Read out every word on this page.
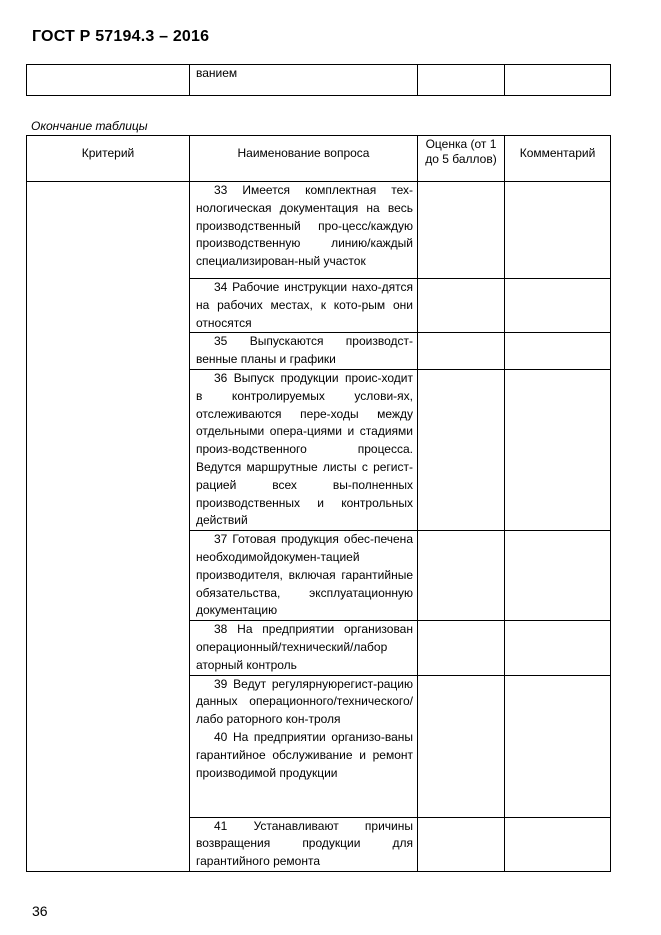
ГОСТ Р 57194.3 – 2016

ванием

Окончание таблицы
Критерий	Наименование вопроса	Оценка (от 1 до 5 баллов)	Комментарий

	33 Имеется комплектная тех-нологическая документация на весь производственный про-цесс/каждую производственную линию/каждый специализирован-ный участок		

	34 Рабочие инструкции нахо-дятся на рабочих местах, к кото-рым они относятся		

	35 Выпускаются производст-венные планы и графики		

	36 Выпуск продукции проис-ходит в контролируемых услови-ях, отслеживаются пере-ходы между отдельными опера-циями и стадиями произ-водственного процесса. Ведутся маршрутные листы с регист-рацией всех вы-полненных производственных и контрольных действий		

	37 Готовая продукция обес-печена необходимойдокумен-тацией производителя, включая гарантийные обязательства, эксплуатационную документацию		

	38 На предприятии организован операционный/технический/лабор аторный контроль		

	39 Ведут регулярнуюрегист-рацию данных операционного/технического/лабо раторного кон-троля
40 На предприятии организо-ваны гарантийное обслуживание и ремонт производимой продукции		

	41 Устанавливают причины возвращения продукции для гарантийного ремонта		

36
